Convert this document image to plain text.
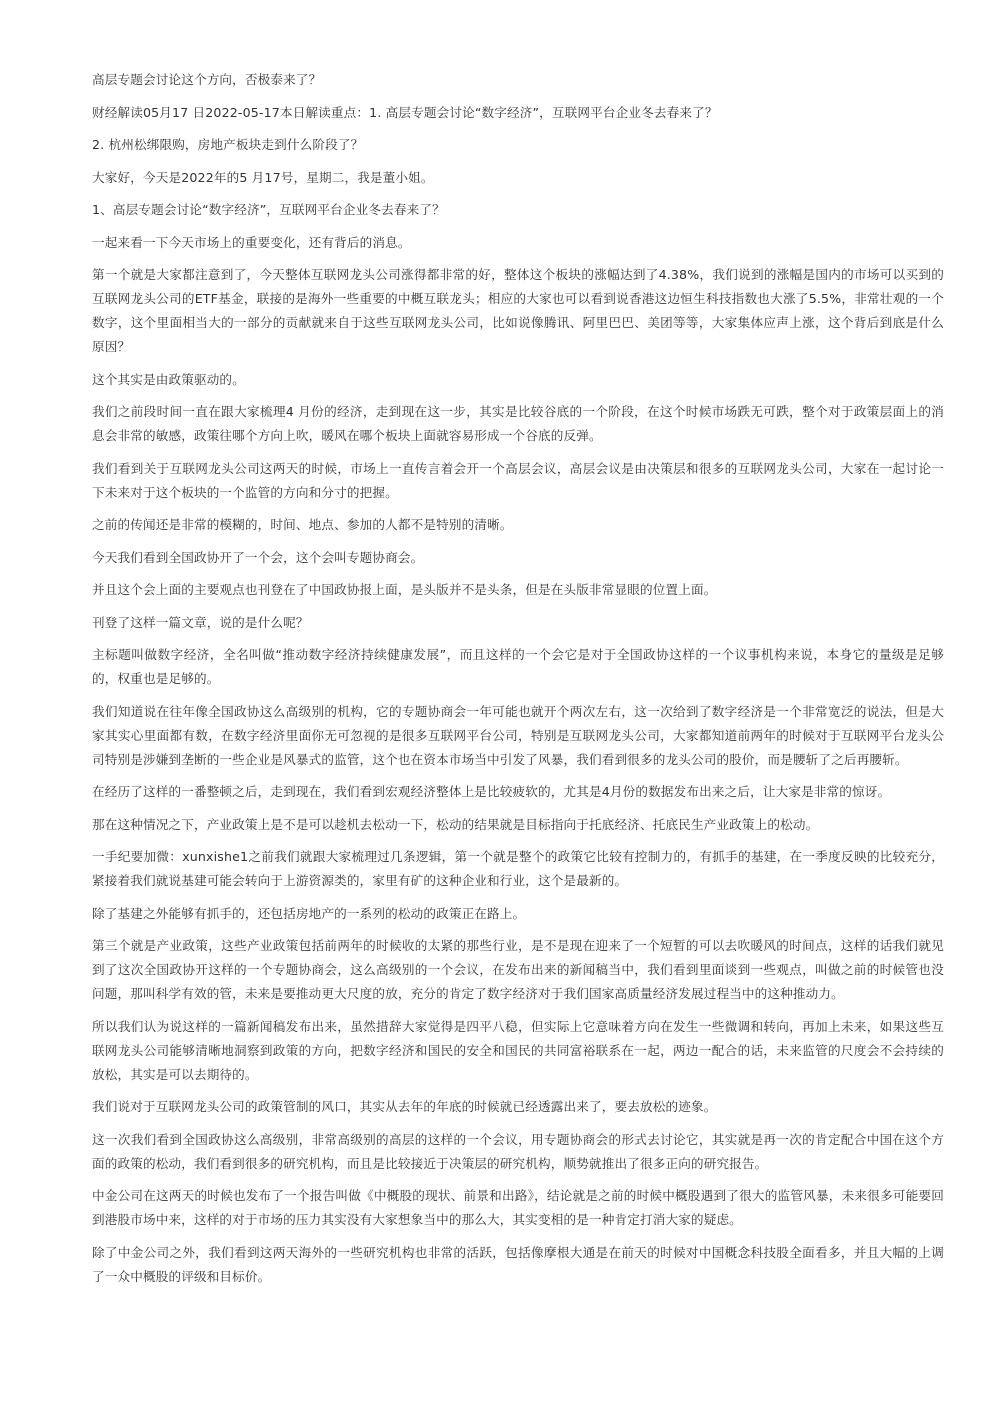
高层专题会讨论这个方向，否极泰来了？

财经解读05月17 日2022-05-17本日解读重点：1. 高层专题会讨论“数字经济”，互联网平台企业冬去春来了？

2. 杭州松绑限购，房地产板块走到什么阶段了？

大家好，今天是2022年的5 月17号，星期二，我是董小姐。

1、高层专题会讨论“数字经济”，互联网平台企业冬去春来了？

一起来看一下今天市场上的重要变化，还有背后的消息。

第一个就是大家都注意到了，今天整体互联网龙头公司涨得都非常的好，整体这个板块的涨幅达到了4.38%，我们说到的涨幅是国内的市场可以买到的互联网龙头公司的ETF基金，联接的是海外一些重要的中概互联龙头；相应的大家也可以看到说香港这边恒生科技指数也大涨了5.5%，非常壮观的一个数字，这个里面相当大的一部分的贡献就来自于这些互联网龙头公司，比如说像腾讯、阿里巴巴、美团等等，大家集体应声上涨，这个背后到底是什么原因？

这个其实是由政策驱动的。

我们之前段时间一直在跟大家梳理4 月份的经济，走到现在这一步，其实是比较谷底的一个阶段，在这个时候市场跌无可跌，整个对于政策层面上的消息会非常的敏感，政策往哪个方向上吹，暖风在哪个板块上面就容易形成一个谷底的反弹。

我们看到关于互联网龙头公司这两天的时候，市场上一直传言着会开一个高层会议，高层会议是由决策层和很多的互联网龙头公司，大家在一起讨论一下未来对于这个板块的一个监管的方向和分寸的把握。

之前的传闻还是非常的模糊的，时间、地点、参加的人都不是特别的清晰。

今天我们看到全国政协开了一个会，这个会叫专题协商会。

并且这个会上面的主要观点也刊登在了中国政协报上面，是头版并不是头条，但是在头版非常显眼的位置上面。

刊登了这样一篇文章，说的是什么呢？

主标题叫做数字经济，全名叫做“推动数字经济持续健康发展”，而且这样的一个会它是对于全国政协这样的一个议事机构来说，本身它的量级是足够的，权重也是足够的。

我们知道说在往年像全国政协这么高级别的机构，它的专题协商会一年可能也就开个两次左右，这一次给到了数字经济是一个非常宽泛的说法，但是大家其实心里面都有数，在数字经济里面你无可忽视的是很多互联网平台公司，特别是互联网龙头公司，大家都知道前两年的时候对于互联网平台龙头公司特别是涉嫌到垄断的一些企业是风暴式的监管，这个也在资本市场当中引发了风暴，我们看到很多的龙头公司的股价，而是腰斩了之后再腰斩。

在经历了这样的一番整顿之后，走到现在，我们看到宏观经济整体上是比较疲软的，尤其是4月份的数据发布出来之后，让大家是非常的惊讶。

那在这种情况之下，产业政策上是不是可以趁机去松动一下，松动的结果就是目标指向于托底经济、托底民生产业政策上的松动。

一手纪要加微：xunxishe1之前我们就跟大家梳理过几条逻辑，第一个就是整个的政策它比较有控制力的，有抓手的基建，在一季度反映的比较充分，紧接着我们就说基建可能会转向于上游资源类的，家里有矿的这种企业和行业，这个是最新的。

除了基建之外能够有抓手的，还包括房地产的一系列的松动的政策正在路上。

第三个就是产业政策，这些产业政策包括前两年的时候收的太紧的那些行业，是不是现在迎来了一个短暂的可以去吹暖风的时间点，这样的话我们就见到了这次全国政协开这样的一个专题协商会，这么高级别的一个会议，在发布出来的新闻稿当中，我们看到里面谈到一些观点，叫做之前的时候管也没问题，那叫科学有效的管，未来是要推动更大尺度的放，充分的肯定了数字经济对于我们国家高质量经济发展过程当中的这种推动力。

所以我们认为说这样的一篇新闻稿发布出来，虽然措辞大家觉得是四平八稳，但实际上它意味着方向在发生一些微调和转向，再加上未来，如果这些互联网龙头公司能够清晰地洞察到政策的方向，把数字经济和国民的安全和国民的共同富裕联系在一起，两边一配合的话，未来监管的尺度会不会持续的放松，其实是可以去期待的。

我们说对于互联网龙头公司的政策管制的风口，其实从去年的年底的时候就已经透露出来了，要去放松的迹象。

这一次我们看到全国政协这么高级别，非常高级别的高层的这样的一个会议，用专题协商会的形式去讨论它，其实就是再一次的肯定配合中国在这个方面的政策的松动，我们看到很多的研究机构，而且是比较接近于决策层的研究机构，顺势就推出了很多正向的研究报告。

中金公司在这两天的时候也发布了一个报告叫做《中概股的现状、前景和出路》，结论就是之前的时候中概股遇到了很大的监管风暴，未来很多可能要回到港股市场中来，这样的对于市场的压力其实没有大家想象当中的那么大，其实变相的是一种肯定打消大家的疑虑。

除了中金公司之外，我们看到这两天海外的一些研究机构也非常的活跃，包括像摩根大通是在前天的时候对中国概念科技股全面看多，并且大幅的上调了一众中概股的评级和目标价。
